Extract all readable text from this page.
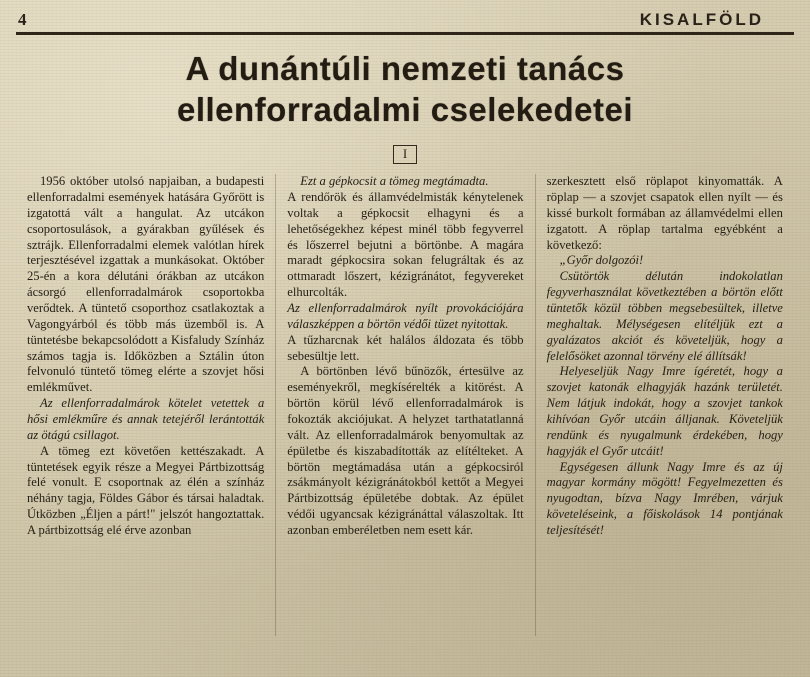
4	KISALFÖLD
A dunántúli nemzeti tanács
ellenforradalmi cselekedetei
I

1956 október utolsó napjaiban, a budapesti ellenforradalmi események hatására Győrött is izgatottá vált a hangulat. Az utcákon csoportosulások, a gyárakban gyűlések és sztrájk. Ellenforradalmi elemek valótlan hírek terjesztésével izgattak a munkásokat. Október 25-én a kora délutáni órákban az utcákon ácsorgó ellenforradalmárok csoportokba verődtek. A tüntető csoporthoz csatlakoztak a Vagongyárból és több más üzemből is. A tüntetésbe bekapcsolódott a Kisfaludy Színház számos tagja is. Időközben a Sztálin úton felvonuló tüntető tömeg elérte a szovjet hősi emlékművet.

Az ellenforradalmárok kötelet vetettek a hősi emlékműre és annak tetejéről lerántották az ötágú csillagot.

A tömeg ezt követően kettészakadt. A tüntetések egyik része a Megyei Pártbizottság felé vonult. E csoportnak az élén a színház néhány tagja, Földes Gábor és társai haladtak. Útközben „Éljen a párt!" jelszót hangoztattak. A pártbizottság elé érve azonban

Ezt a gépkocsit a tömeg megtámadta.

A rendőrök és államvédelmisták kénytelenek voltak a gépkocsit elhagyni és a lehetőségekhez képest minél több fegyverrel és lőszerrel bejutni a börtönbe. A magára maradt gépkocsira sokan felugráltak és az ottmaradt lőszert, kézigránátot, fegyvereket elhurcolták.

Az ellenforradalmárok nyílt provokációjára válaszképpen a börtön védői tüzet nyitottak.

A tűzharcnak két halálos áldozata és több sebesültje lett.

A börtönben lévő bűnözők, értesülve az eseményekről, megkísérelték a kitörést. A börtön körül lévő ellenforradalmárok is fokozták akciójukat. A helyzet tarthatatlanná vált. Az ellenforradalmárok benyomultak az épületbe és kiszabadították az elítélteket. A börtön megtámadása után a gépkocsiról zsákmányolt kézigránátokból kettőt a Megyei Pártbizottság épületébe dobtak. Az épület védői ugyancsak kézigránáttal válaszoltak. Itt azonban emberéletben nem esett kár.

szerkesztett első röplapot kinyomatták. A röplap — a szovjet csapatok ellen nyílt — és kissé burkolt formában az államvédelmi ellen izgatott. A röplap tartalma egyébként a következő:

„Győr dolgozói!

Csütörtök délután indokolatlan fegyverhasználat következtében a börtön előtt tüntetők közül többen megsebesültek, illetve meghaltak. Mélységesen elítéljük ezt a gyalázatos akciót és követeljük, hogy a felelősöket azonnal törvény elé állítsák!

Helyeseljük Nagy Imre ígéretét, hogy a szovjet katonák elhagyják hazánk területét. Nem látjuk indokát, hogy a szovjet tankok kihívóan Győr utcáin álljanak. Követeljük rendünk és nyugalmunk érdekében, hogy hagyják el Győr utcáit!

Egységesen állunk Nagy Imre és az új magyar kormány mögött! Fegyelmezetten és nyugodtan, bízva Nagy Imrében, várjuk követeléseink, a főiskolások 14 pontjának teljesítését!
